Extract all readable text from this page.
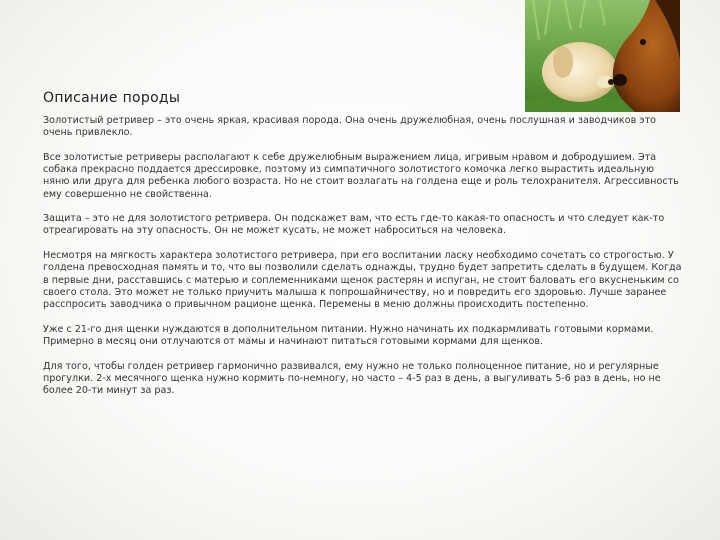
Описание породы

Золотистый ретривер – это очень яркая, красивая порода. Она очень дружелюбная, очень послушная и заводчиков это очень привлекло.

Все золотистые ретриверы располагают к себе дружелюбным выражением лица, игривым нравом и добродушием. Эта собака прекрасно поддается дрессировке, поэтому из симпатичного золотистого комочка легко вырастить идеальную няню или друга для ребенка любого возраста. Но не стоит возлагать на голдена еще и роль телохранителя. Агрессивность ему совершенно не свойственна.

Защита – это не для золотистого ретривера. Он подскажет вам, что есть где-то какая-то опасность и что следует как-то отреагировать на эту опасность. Он не может кусать, не может наброситься на человека.

Несмотря на мягкость характера золотистого ретривера, при его воспитании ласку необходимо сочетать со строгостью. У голдена превосходная память и то, что вы позволили сделать однажды, трудно будет запретить сделать в будущем. Когда в первые дни, расставшись с матерью и соплеменниками щенок растерян и испуган, не стоит баловать его вкусненьким со своего стола. Это может не только приучить малыша к попрошайничеству, но и повредить его здоровью. Лучше заранее расспросить заводчика о привычном рационе щенка. Перемены в меню должны происходить постепенно.

Уже с 21-го дня щенки нуждаются в дополнительном питании. Нужно начинать их подкармливать готовыми кормами. Примерно в месяц они отлучаются от мамы и начинают питаться готовыми кормами для щенков.

Для того, чтобы голден ретривер гармонично развивался, ему нужно не только полноценное питание, но и регулярные прогулки. 2-х месячного щенка нужно кормить по-немногу, но часто – 4-5 раз в день, а выгуливать 5-6 раз в день, но не более 20-ти минут за раз.
